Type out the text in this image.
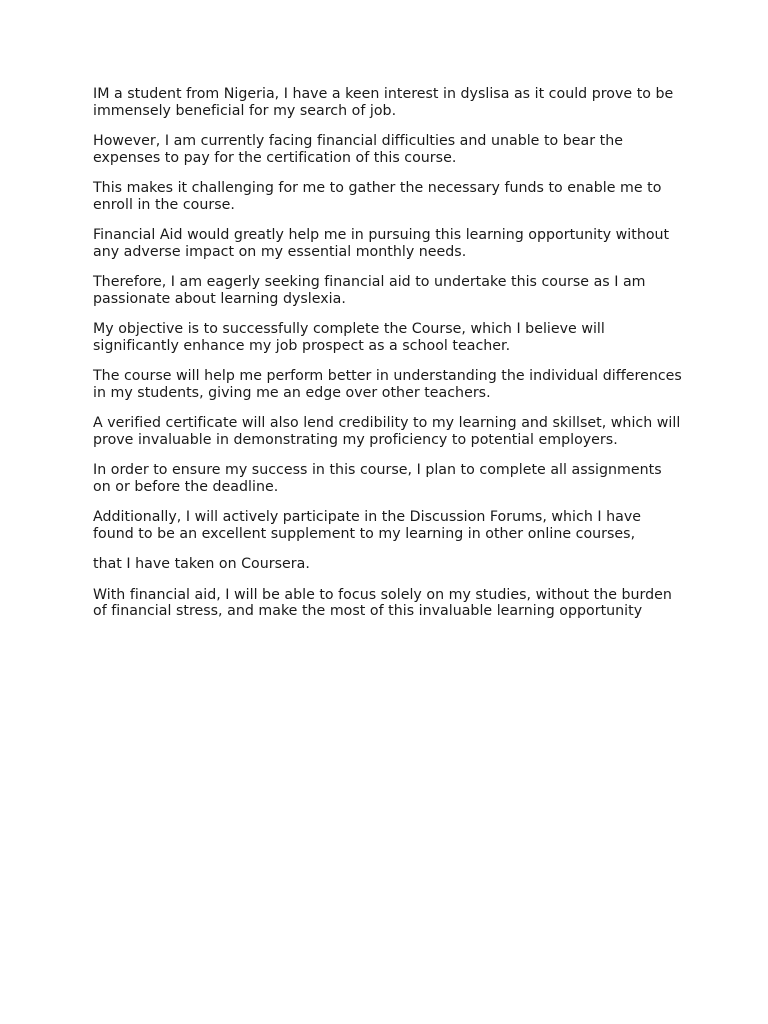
IM a student from Nigeria, I have a keen interest in dyslisa as it could prove to be immensely beneficial for my search of job.

However, I am currently facing financial difficulties and unable to bear the expenses to pay for the certification of this course.

This makes it challenging for me to gather the necessary funds to enable me to enroll in the course.

Financial Aid would greatly help me in pursuing this learning opportunity without any adverse impact on my essential monthly needs.

Therefore, I am eagerly seeking financial aid to undertake this course as I am passionate about learning dyslexia.

My objective is to successfully complete the Course, which I believe will significantly enhance my job prospect as a school teacher.

The course will help me perform better in understanding the individual differences in my students, giving me an edge over other teachers.

A verified certificate will also lend credibility to my learning and skillset, which will prove invaluable in demonstrating my proficiency to potential employers.

In order to ensure my success in this course, I plan to complete all assignments on or before the deadline.

Additionally, I will actively participate in the Discussion Forums, which I have found to be an excellent supplement to my learning in other online courses,

that I have taken on Coursera.

With financial aid, I will be able to focus solely on my studies, without the burden of financial stress, and make the most of this invaluable learning opportunity
